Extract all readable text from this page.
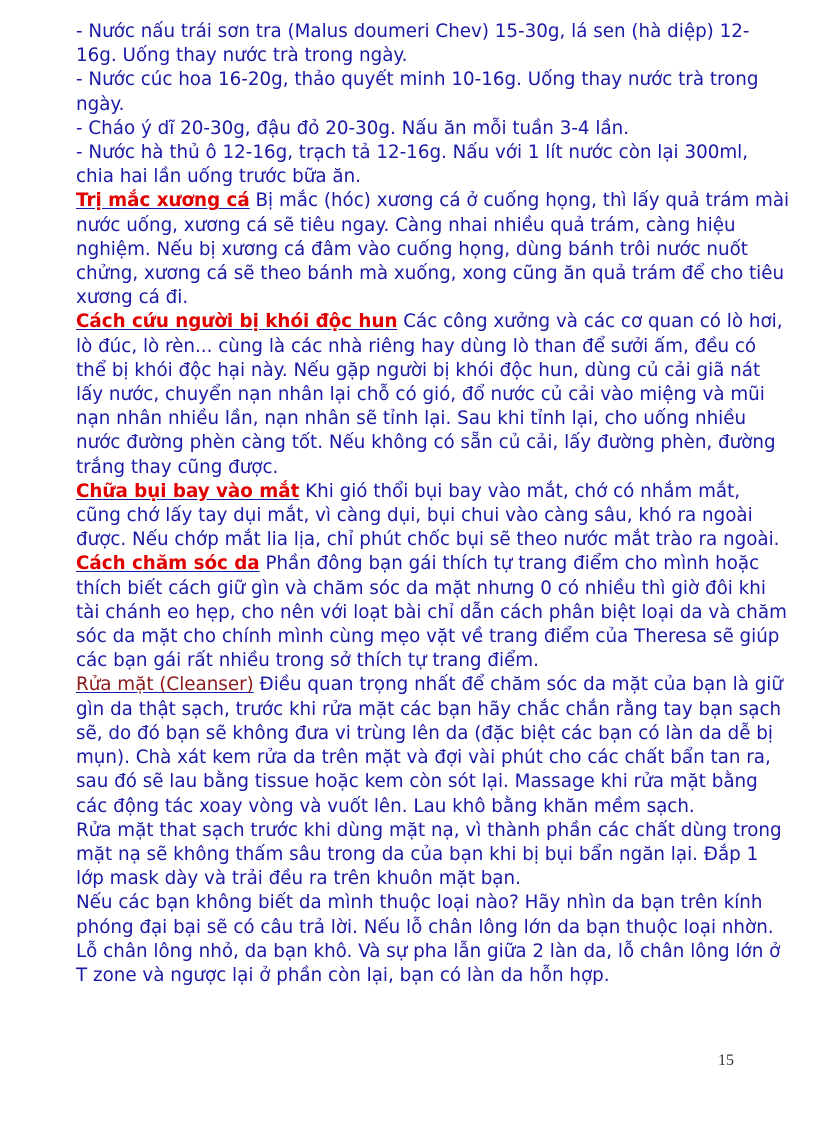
- Nước nấu trái sơn tra (Malus doumeri Chev) 15-30g, lá sen (hà diệp) 12-16g. Uống thay nước trà trong ngày.

- Nước cúc hoa 16-20g, thảo quyết minh 10-16g. Uống thay nước trà trong ngày.

- Cháo ý dĩ 20-30g, đậu đỏ 20-30g. Nấu ăn mỗi tuần 3-4 lần.

- Nước hà thủ ô 12-16g, trạch tả 12-16g. Nấu với 1 lít nước còn lại 300ml, chia hai lần uống trước bữa ăn.

Trị mắc xương cá Bị mắc (hóc) xương cá ở cuống họng, thì lấy quả trám mài nước uống, xương cá sẽ tiêu ngay. Càng nhai nhiều quả trám, càng hiệu nghiệm. Nếu bị xương cá đâm vào cuống họng, dùng bánh trôi nước nuốt chửng, xương cá sẽ theo bánh mà xuống, xong cũng ăn quả trám để cho tiêu xương cá đi.

Cách cứu người bị khói độc hun Các công xưởng và các cơ quan có lò hơi, lò đúc, lò rèn... cùng là các nhà riêng hay dùng lò than để sưởi ấm, đều có thể bị khói độc hại này. Nếu gặp người bị khói độc hun, dùng củ cải giã nát lấy nước, chuyển nạn nhân lại chỗ có gió, đổ nước củ cải vào miệng và mũi nạn nhân nhiều lần, nạn nhân sẽ tỉnh lại. Sau khi tỉnh lại, cho uống nhiều nước đường phèn càng tốt. Nếu không có sẵn củ cải, lấy đường phèn, đường trắng thay cũng được.

Chữa bụi bay vào mắt Khi gió thổi bụi bay vào mắt, chớ có nhắm mắt, cũng chớ lấy tay dụi mắt, vì càng dụi, bụi chui vào càng sâu, khó ra ngoài được. Nếu chớp mắt lia lịa, chỉ phút chốc bụi sẽ theo nước mắt trào ra ngoài.

Cách chăm sóc da Phần đông bạn gái thích tự trang điểm cho mình hoặc thích biết cách giữ gìn và chăm sóc da mặt nhưng 0 có nhiều thì giờ đôi khi tài chánh eo hẹp, cho nên với loạt bài chỉ dẫn cách phân biệt loại da và chăm sóc da mặt cho chính mình cùng mẹo vặt về trang điểm của Theresa sẽ giúp các bạn gái rất nhiều trong sở thích tự trang điểm.

Rửa mặt (Cleanser) Điều quan trọng nhất để chăm sóc da mặt của bạn là giữ gìn da thật sạch, trước khi rửa mặt các bạn hãy chắc chắn rằng tay bạn sạch sẽ, do đó bạn sẽ không đưa vi trùng lên da (đặc biệt các bạn có làn da dễ bị mụn). Chà xát kem rửa da trên mặt và đợi vài phút cho các chất bẩn tan ra, sau đó sẽ lau bằng tissue hoặc kem còn sót lại. Massage khi rửa mặt bằng các động tác xoay vòng và vuốt lên. Lau khô bằng khăn mềm sạch.

Rửa mặt that sạch trước khi dùng mặt nạ, vì thành phần các chất dùng trong mặt nạ sẽ không thấm sâu trong da của bạn khi bị bụi bẩn ngăn lại. Đắp 1 lớp mask dày và trải đều ra trên khuôn mặt bạn.

Nếu các bạn không biết da mình thuộc loại nào? Hãy nhìn da bạn trên kính phóng đại bại sẽ có câu trả lời. Nếu lỗ chân lông lớn da bạn thuộc loại nhờn. Lỗ chân lông nhỏ, da bạn khô. Và sự pha lẫn giữa 2 làn da, lỗ chân lông lớn ở T zone và ngược lại ở phần còn lại, bạn có làn da hỗn hợp.

15
